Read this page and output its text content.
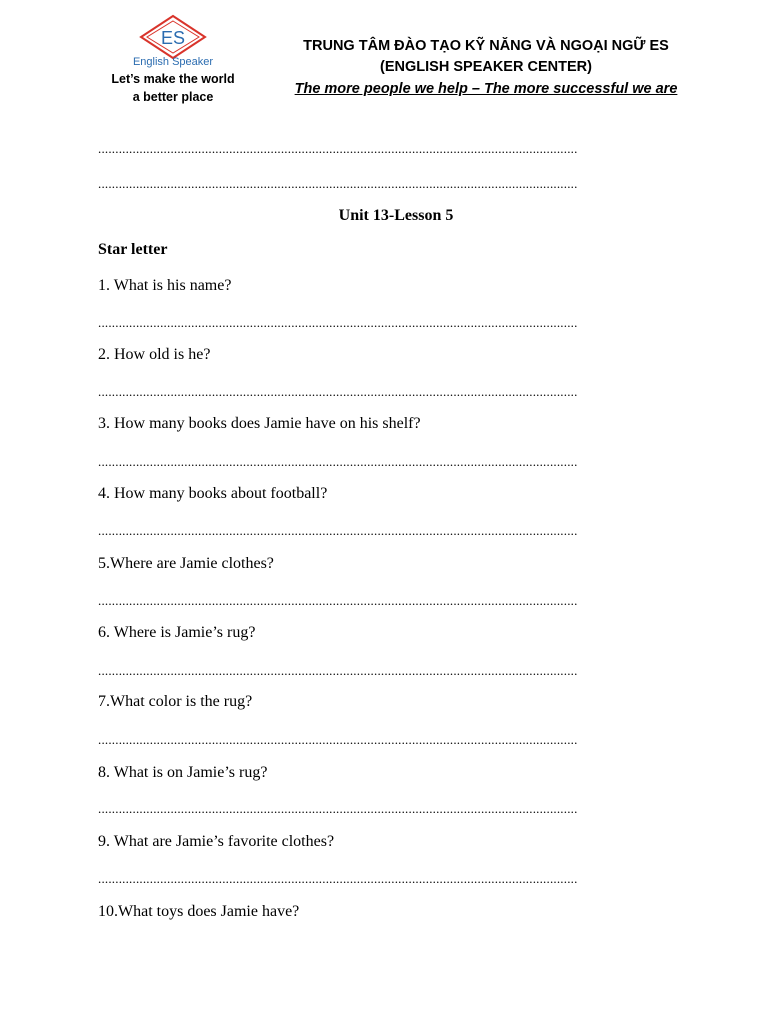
ES
English Speaker
Let’s make the world
a better place
TRUNG TÂM ĐÀO TẠO KỸ NĂNG VÀ NGOẠI NGỮ ES
(ENGLISH SPEAKER CENTER)
The more people we help – The more successful we are
...........................................................................................................................................
...........................................................................................................................................
Unit 13-Lesson 5
Star letter
1. What is his name?
...........................................................................................................................................
2. How old is he?
...........................................................................................................................................
3. How many books does Jamie have on his shelf?
...........................................................................................................................................
4. How many books about football?
...........................................................................................................................................
5.Where are Jamie clothes?
...........................................................................................................................................
6. Where is Jamie’s rug?
...........................................................................................................................................
7.What color is the rug?
...........................................................................................................................................
8. What is on Jamie’s rug?
...........................................................................................................................................
9. What are Jamie’s favorite clothes?
...........................................................................................................................................
10.What toys does Jamie have?
